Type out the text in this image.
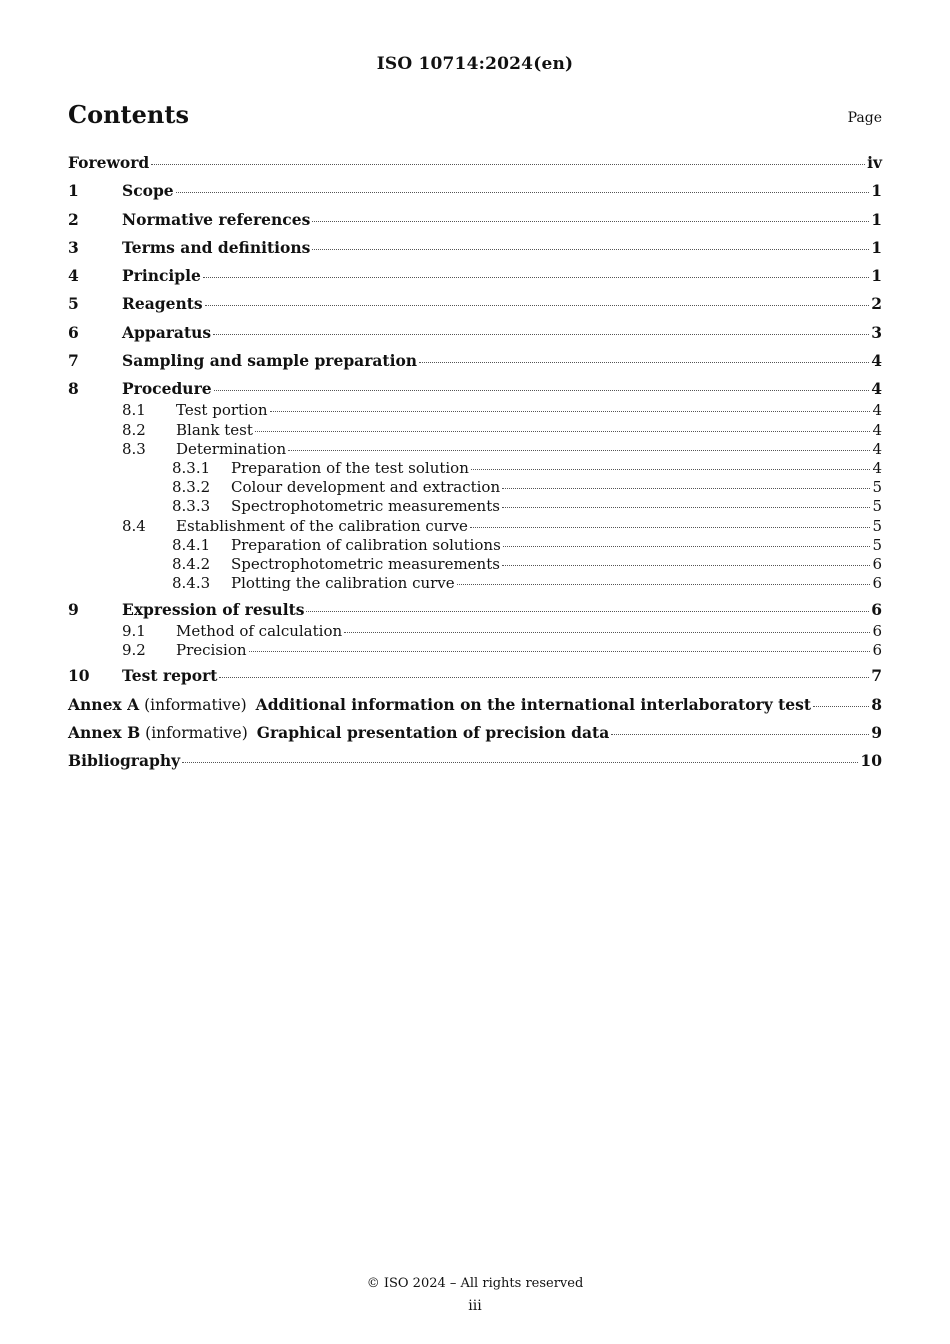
ISO 10714:2024(en)
Contents	Page
Foreword	iv
1	Scope	1
2	Normative references	1
3	Terms and definitions	1
4	Principle	1
5	Reagents	2
6	Apparatus	3
7	Sampling and sample preparation	4
8	Procedure	4
8.1	Test portion	4
8.2	Blank test	4
8.3	Determination	4
8.3.1	Preparation of the test solution	4
8.3.2	Colour development and extraction	5
8.3.3	Spectrophotometric measurements	5
8.4	Establishment of the calibration curve	5
8.4.1	Preparation of calibration solutions	5
8.4.2	Spectrophotometric measurements	6
8.4.3	Plotting the calibration curve	6
9	Expression of results	6
9.1	Method of calculation	6
9.2	Precision	6
10	Test report	7
Annex A (informative) Additional information on the international interlaboratory test	8
Annex B (informative) Graphical presentation of precision data	9
Bibliography	10
© ISO 2024 – All rights reserved
iii
